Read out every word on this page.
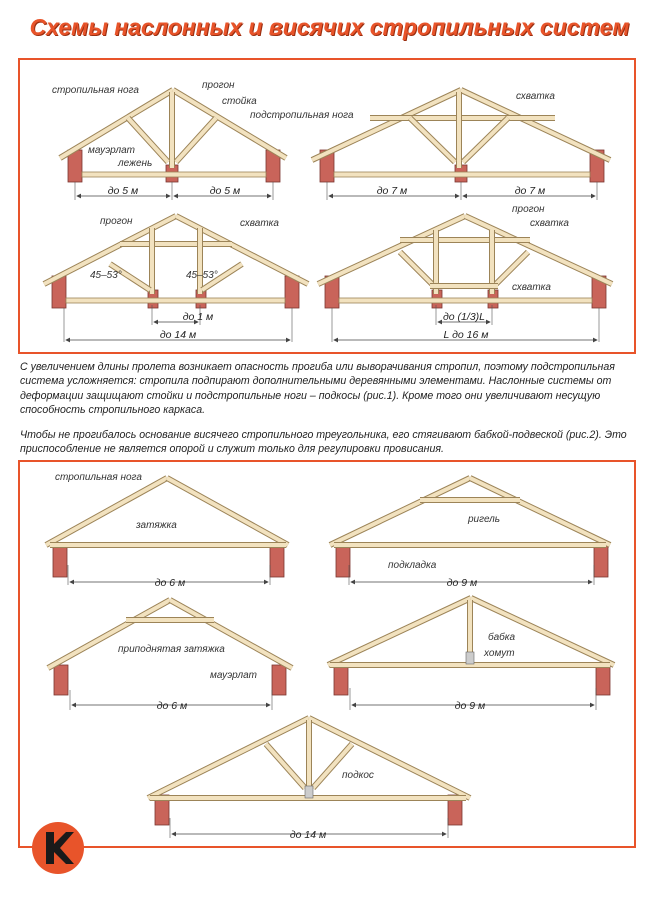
Схемы наслонных и висячих стропильных систем
С увеличением длины пролета возникает опасность прогиба или выворачивания стропил, поэтому подстропильная система усложняется: стропила подпирают дополнительными деревянными элементами. Наслонные системы от деформации защищают стойки и подстропильные ноги – подкосы (рис.1). Кроме того они увеличивают несущую способность стропильного каркаса.
Чтобы не прогибалось основание висячего стропильного треугольника, его стягивают бабкой-подвеской (рис.2). Это приспособление не является опорой и служит только для регулировки провисания.
до 5 м	до 5 м
стропильная нога	прогон
стойка
подстропильная нога
мауэрлат
лежень
до 7 м	до 7 м
схватка
до 1 м
до 14 м
прогон	схватка
45–53°	45–53°
до (1/3)L
L до 16 м
прогон
схватка
схватка
до 6 м
стропильная нога
затяжка
до 9 м
ригель
подкладка
до 6 м
приподнятая затяжка
мауэрлат
до 9 м
бабка
хомут
до 14 м
подкос
